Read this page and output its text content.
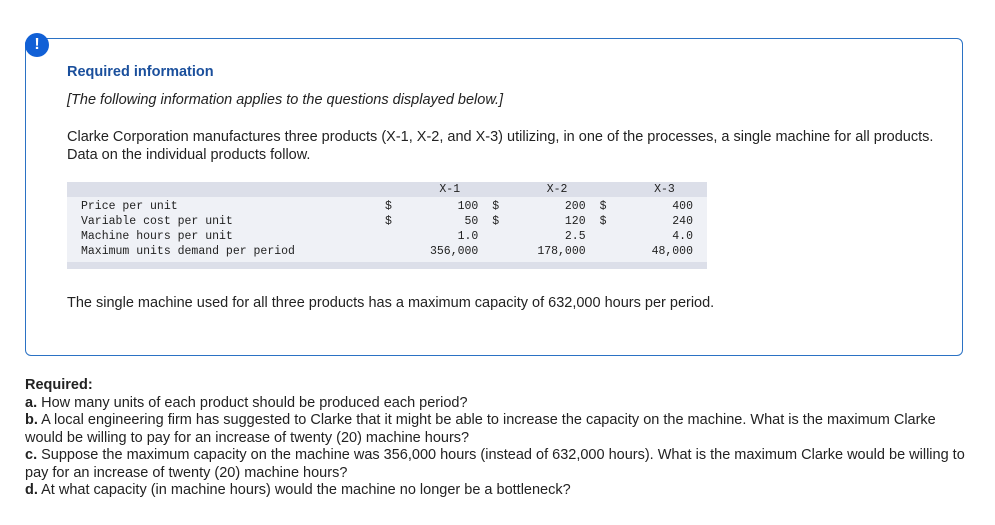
!
Required information
[The following information applies to the questions displayed below.]
Clarke Corporation manufactures three products (X-1, X-2, and X-3) utilizing, in one of the processes, a single machine for all products. Data on the individual products follow.
		X-1		X-2		X-3
Price per unit	$	100	$	200	$	400
Variable cost per unit	$	50	$	120	$	240
Machine hours per unit		1.0		2.5		4.0
Maximum units demand per period		356,000		178,000		48,000

The single machine used for all three products has a maximum capacity of 632,000 hours per period.
Required:
a. How many units of each product should be produced each period?
b. A local engineering firm has suggested to Clarke that it might be able to increase the capacity on the machine. What is the maximum Clarke would be willing to pay for an increase of twenty (20) machine hours?
c. Suppose the maximum capacity on the machine was 356,000 hours (instead of 632,000 hours). What is the maximum Clarke would be willing to pay for an increase of twenty (20) machine hours?
d. At what capacity (in machine hours) would the machine no longer be a bottleneck?
